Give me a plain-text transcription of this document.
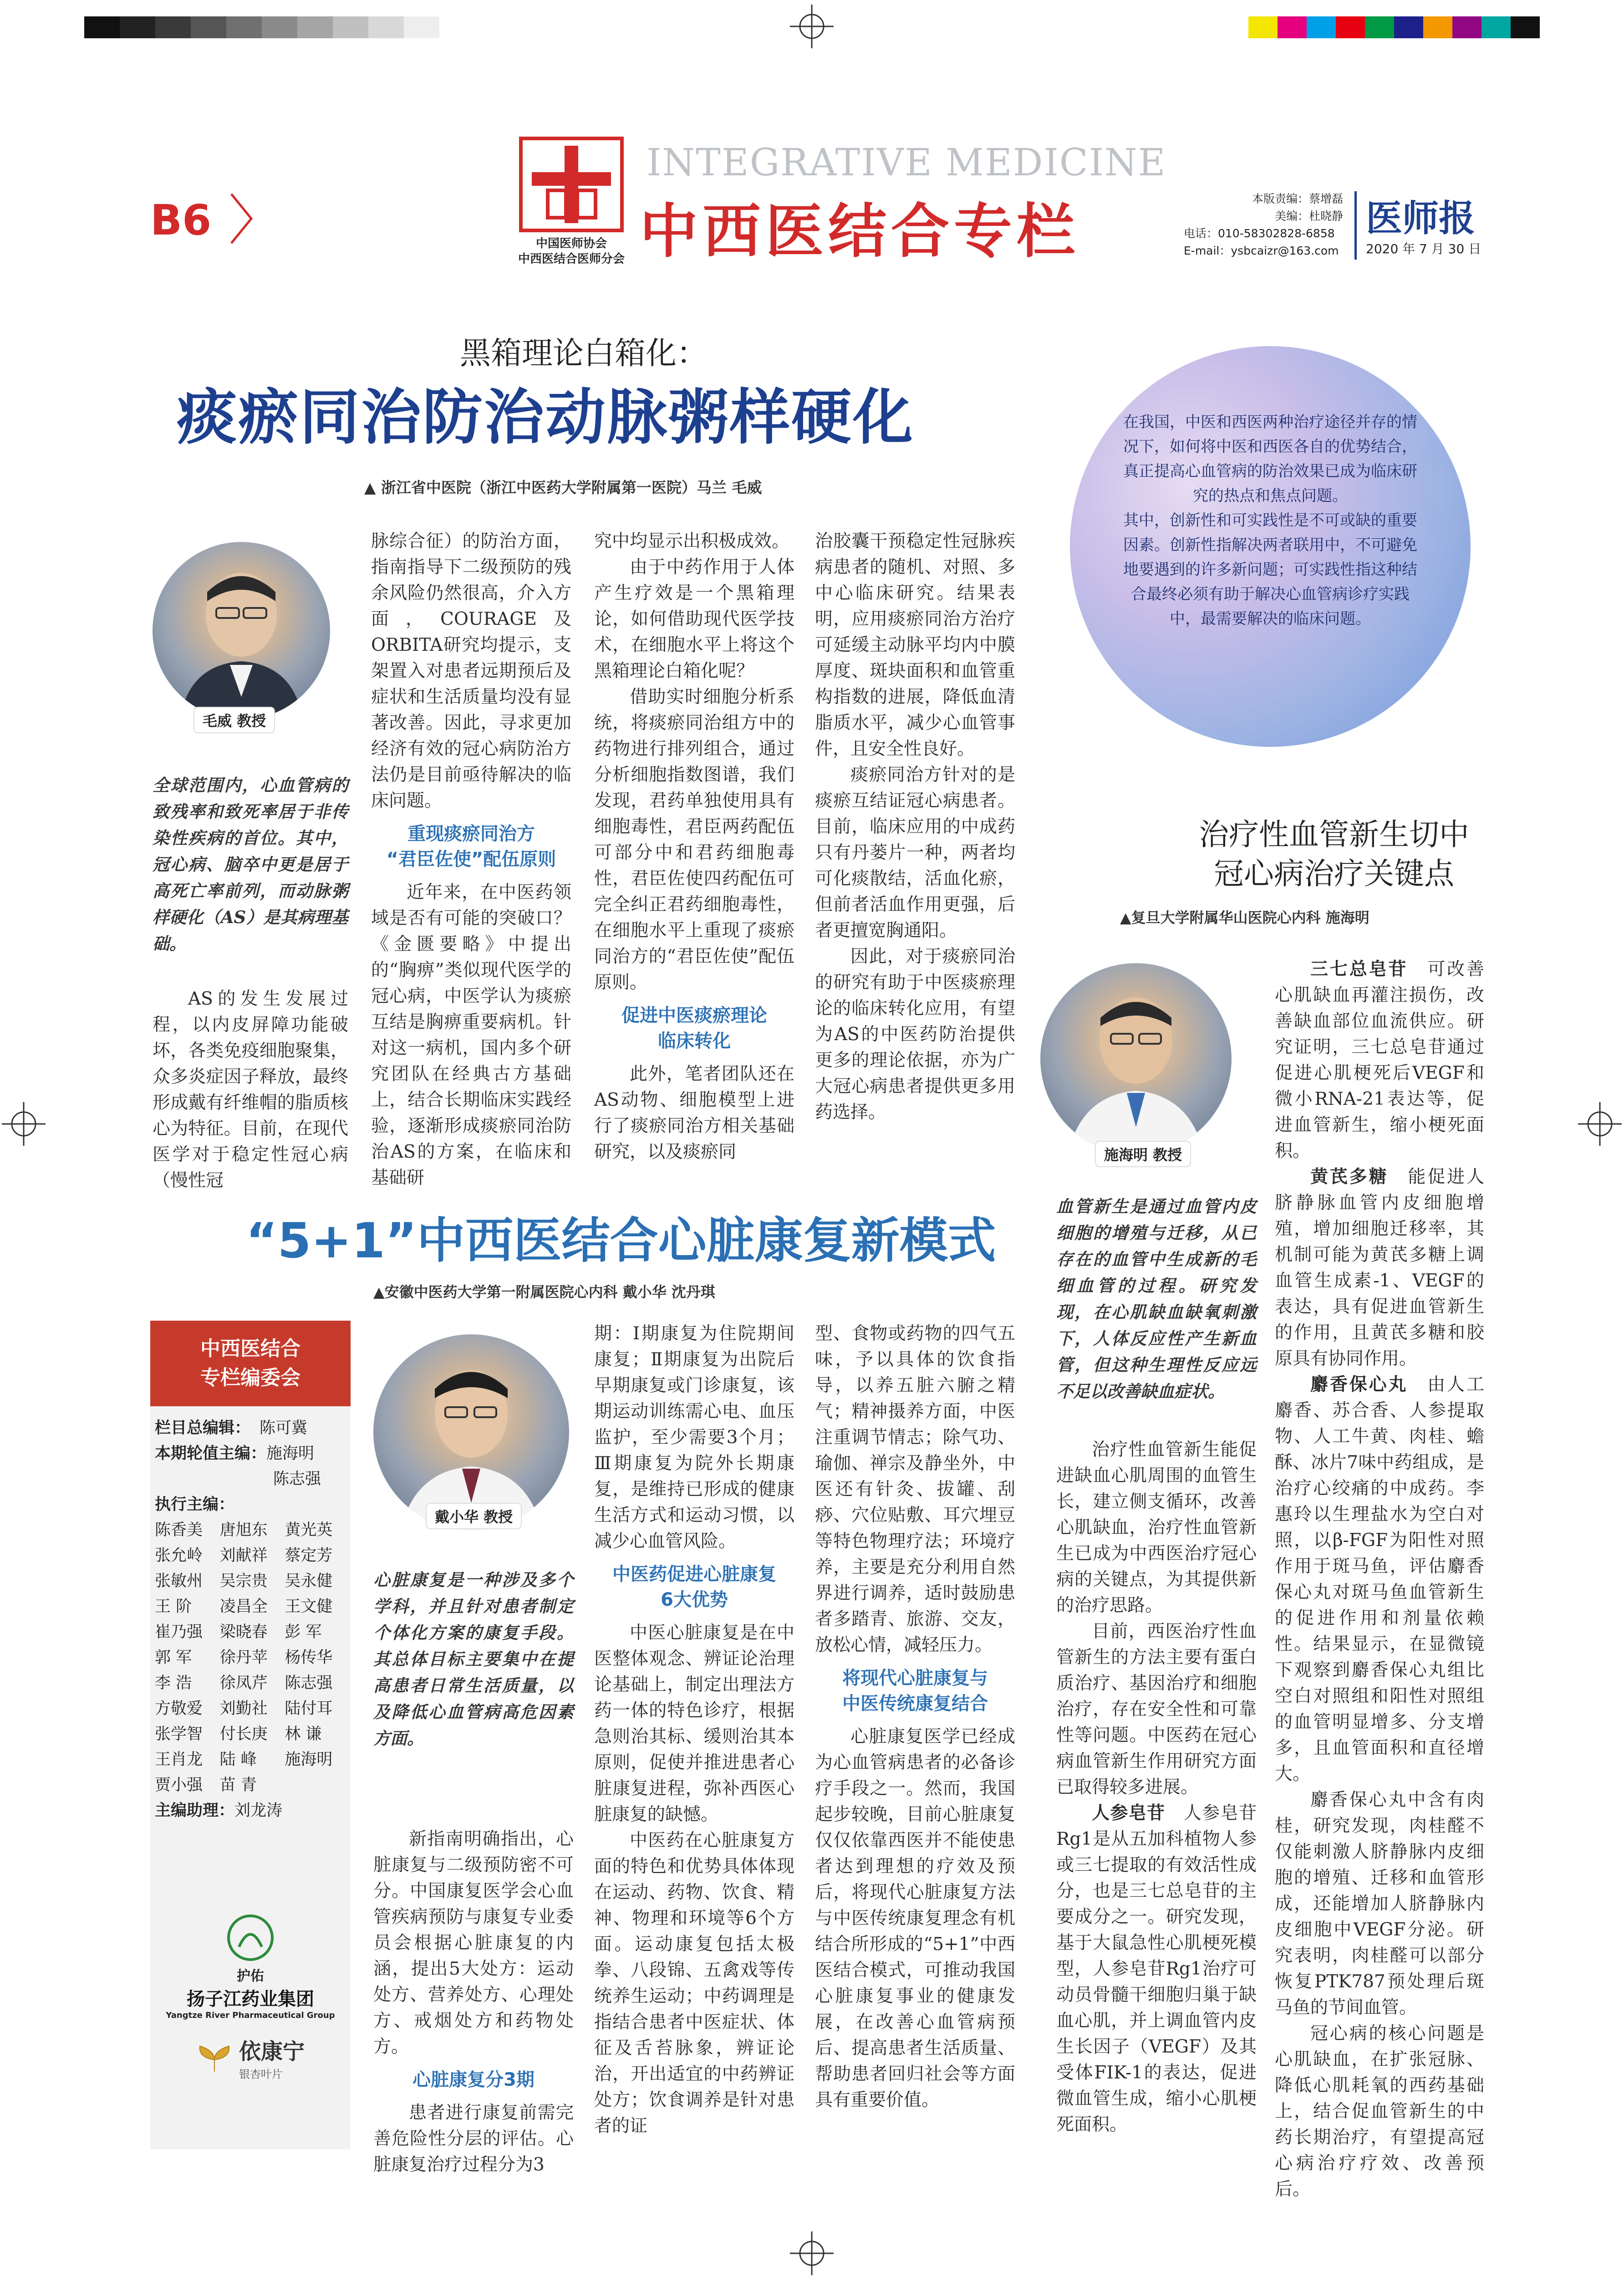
B6	中国医师协会
中西医结合医师分会
INTEGRATIVE MEDICINE
中西医结合专栏	本版责编：蔡增磊
美编：杜晓静
电话：010-58302828-6858
E-mail：ysbcaizr@163.com
医师报
2020 年 7 月 30 日
黑箱理论白箱化：
痰瘀同治防治动脉粥样硬化
▲ 浙江省中医院（浙江中医药大学附属第一医院）马兰 毛威
毛威 教授
全球范围内，心血管病的致残率和致死率居于非传染性疾病的首位。其中，冠心病、脑卒中更是居于高死亡率前列，而动脉粥样硬化（AS）是其病理基础。

AS的发生发展过程，以内皮屏障功能破坏，各类免疫细胞聚集，众多炎症因子释放，最终形成戴有纤维帽的脂质核心为特征。目前，在现代医学对于稳定性冠心病（慢性冠

脉综合征）的防治方面，指南指导下二级预防的残余风险仍然很高，介入方面，COURAGE及ORBITA研究均提示，支架置入对患者远期预后及症状和生活质量均没有显著改善。因此，寻求更加经济有效的冠心病防治方法仍是目前亟待解决的临床问题。

重现痰瘀同治方
“君臣佐使”配伍原则

近年来，在中医药领域是否有可能的突破口？《金匮要略》中提出的“胸痹”类似现代医学的冠心病，中医学认为痰瘀互结是胸痹重要病机。针对这一病机，国内多个研究团队在经典古方基础上，结合长期临床实践经验，逐渐形成痰瘀同治防治AS的方案，在临床和基础研

究中均显示出积极成效。

由于中药作用于人体产生疗效是一个黑箱理论，如何借助现代医学技术，在细胞水平上将这个黑箱理论白箱化呢？

借助实时细胞分析系统，将痰瘀同治组方中的药物进行排列组合，通过分析细胞指数图谱，我们发现，君药单独使用具有细胞毒性，君臣两药配伍可部分中和君药细胞毒性，君臣佐使四药配伍可完全纠正君药细胞毒性，在细胞水平上重现了痰瘀同治方的“君臣佐使”配伍原则。

促进中医痰瘀理论
临床转化

此外，笔者团队还在AS动物、细胞模型上进行了痰瘀同治方相关基础研究，以及痰瘀同

治胶囊干预稳定性冠脉疾病患者的随机、对照、多中心临床研究。结果表明，应用痰瘀同治方治疗可延缓主动脉平均内中膜厚度、斑块面积和血管重构指数的进展，降低血清脂质水平，减少心血管事件，且安全性良好。

痰瘀同治方针对的是痰瘀互结证冠心病患者。目前，临床应用的中成药只有丹蒌片一种，两者均可化痰散结，活血化瘀，但前者活血作用更强，后者更擅宽胸通阳。

因此，对于痰瘀同治的研究有助于中医痰瘀理论的临床转化应用，有望为AS的中医药防治提供更多的理论依据，亦为广大冠心病患者提供更多用药选择。

在我国，中医和西医两种治疗途径并存的情况下，如何将中医和西医各自的优势结合，真正提高心血管病的防治效果已成为临床研究的热点和焦点问题。
其中，创新性和可实践性是不可或缺的重要因素。创新性指解决两者联用中，不可避免地要遇到的许多新问题；可实践性指这种结合最终必须有助于解决心血管病诊疗实践中，最需要解决的临床问题。
治疗性血管新生切中
冠心病治疗关键点
▲复旦大学附属华山医院心内科 施海明
施海明 教授
血管新生是通过血管内皮细胞的增殖与迁移，从已存在的血管中生成新的毛细血管的过程。研究发现，在心肌缺血缺氧刺激下，人体反应性产生新血管，但这种生理性反应远不足以改善缺血症状。

治疗性血管新生能促进缺血心肌周围的血管生长，建立侧支循环，改善心肌缺血，治疗性血管新生已成为中西医治疗冠心病的关键点，为其提供新的治疗思路。

目前，西医治疗性血管新生的方法主要有蛋白质治疗、基因治疗和细胞治疗，存在安全性和可靠性等问题。中医药在冠心病血管新生作用研究方面已取得较多进展。

人参皂苷　 人参皂苷Rg1是从五加科植物人参或三七提取的有效活性成分，也是三七总皂苷的主要成分之一。研究发现，基于大鼠急性心肌梗死模型，人参皂苷Rg1治疗可动员骨髓干细胞归巢于缺血心肌，并上调血管内皮生长因子（VEGF）及其受体FIK-1的表达，促进微血管生成，缩小心肌梗死面积。

三七总皂苷　 可改善心肌缺血再灌注损伤，改善缺血部位血流供应。研究证明，三七总皂苷通过促进心肌梗死后VEGF和微小RNA-21表达等，促进血管新生，缩小梗死面积。

黄芪多糖　 能促进人脐静脉血管内皮细胞增殖，增加细胞迁移率，其机制可能为黄芪多糖上调血管生成素-1、VEGF的表达，具有促进血管新生的作用，且黄芪多糖和胶原具有协同作用。

麝香保心丸　 由人工麝香、苏合香、人参提取物、人工牛黄、肉桂、蟾酥、冰片7味中药组成，是治疗心绞痛的中成药。李惠玲以生理盐水为空白对照，以β-FGF为阳性对照作用于斑马鱼，评估麝香保心丸对斑马鱼血管新生的促进作用和剂量依赖性。结果显示，在显微镜下观察到麝香保心丸组比空白对照组和阳性对照组的血管明显增多、分支增多，且血管面积和直径增大。

麝香保心丸中含有肉桂，研究发现，肉桂醛不仅能刺激人脐静脉内皮细胞的增殖、迁移和血管形成，还能增加人脐静脉内皮细胞中VEGF分泌。研究表明，肉桂醛可以部分恢复PTK787预处理后斑马鱼的节间血管。

冠心病的核心问题是心肌缺血，在扩张冠脉、降低心肌耗氧的西药基础上，结合促血管新生的中药长期治疗，有望提高冠心病治疗疗效、改善预后。

“5+1”中西医结合心脏康复新模式
▲安徽中医药大学第一附属医院心内科 戴小华 沈丹琪
中西医结合
专栏编委会
栏目总编辑： 陈可冀
本期轮值主编：施海明
陈志强
执行主编：
陈香美	唐旭东	黄光英
张允岭	刘献祥	蔡定芳
张敏州	吴宗贵	吴永健
王 阶	凌昌全	王文健
崔乃强	梁晓春	彭 军
郭 军	徐丹苹	杨传华
李 浩	徐凤芹	陈志强
方敬爱	刘勤社	陆付耳
张学智	付长庚	林 谦
王肖龙	陆 峰	施海明
贾小强	苗 青
主编助理：刘龙涛
护佑
扬子江药业集团
Yangtze River Pharmaceutical Group
依康宁
银杏叶片
戴小华 教授
心脏康复是一种涉及多个学科，并且针对患者制定个体化方案的康复手段。其总体目标主要集中在提高患者日常生活质量，以及降低心血管病高危因素方面。

新指南明确指出，心脏康复与二级预防密不可分。中国康复医学会心血管疾病预防与康复专业委员会根据心脏康复的内涵，提出5大处方：运动处方、营养处方、心理处方、戒烟处方和药物处方。

心脏康复分3期

患者进行康复前需完善危险性分层的评估。心脏康复治疗过程分为3

期：Ⅰ期康复为住院期间康复；Ⅱ期康复为出院后早期康复或门诊康复，该期运动训练需心电、血压监护，至少需要3个月；Ⅲ期康复为院外长期康复，是维持已形成的健康生活方式和运动习惯，以减少心血管风险。

中医药促进心脏康复
6大优势

中医心脏康复是在中医整体观念、辨证论治理论基础上，制定出理法方药一体的特色诊疗，根据急则治其标、缓则治其本原则，促使并推进患者心脏康复进程，弥补西医心脏康复的缺憾。

中医药在心脏康复方面的特色和优势具体体现在运动、药物、饮食、精神、物理和环境等6个方面。运动康复包括太极拳、八段锦、五禽戏等传统养生运动；中药调理是指结合患者中医症状、体征及舌苔脉象，辨证论治，开出适宜的中药辨证处方；饮食调养是针对患者的证

型、食物或药物的四气五味，予以具体的饮食指导，以养五脏六腑之精气；精神摄养方面，中医注重调节情志；除气功、瑜伽、禅宗及静坐外，中医还有针灸、拔罐、刮痧、穴位贴敷、耳穴埋豆等特色物理疗法；环境疗养，主要是充分利用自然界进行调养，适时鼓励患者多踏青、旅游、交友，放松心情，减轻压力。

将现代心脏康复与
中医传统康复结合

心脏康复医学已经成为心血管病患者的必备诊疗手段之一。然而，我国起步较晚，目前心脏康复仅仅依靠西医并不能使患者达到理想的疗效及预后，将现代心脏康复方法与中医传统康复理念有机结合所形成的“5+1”中西医结合模式，可推动我国心脏康复事业的健康发展，在改善心血管病预后、提高患者生活质量、帮助患者回归社会等方面具有重要价值。
